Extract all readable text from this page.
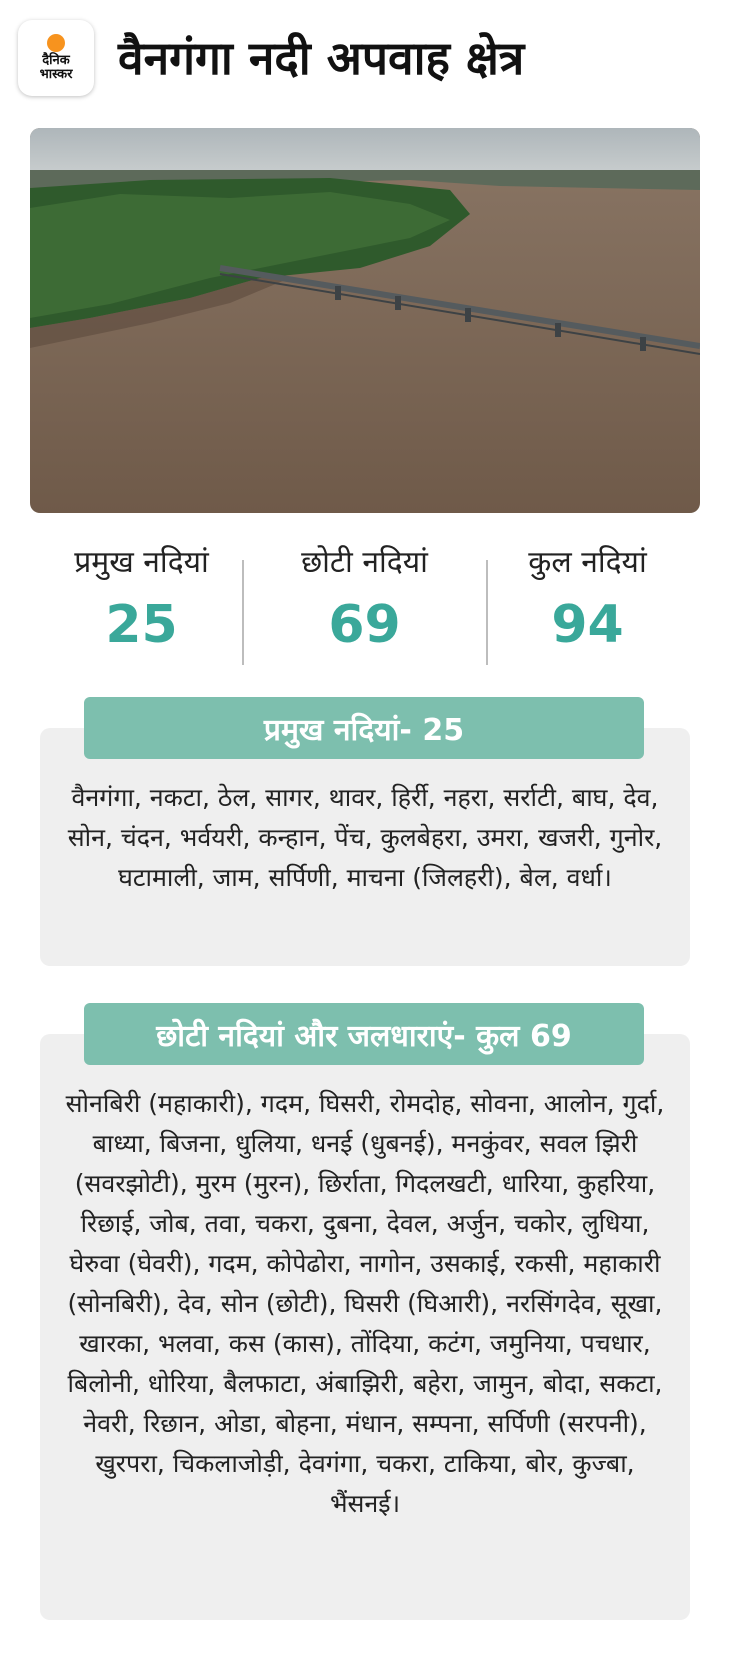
दैनिक
भास्कर वैनगंगा नदी अपवाह क्षेत्र
प्रमुख नदियां
25
छोटी नदियां
69
कुल नदियां
94
वैनगंगा, नकटा, ठेल, सागर, थावर, हिर्री, नहरा, सर्राटी, बाघ, देव, सोन, चंदन, भर्वयरी, कन्हान, पेंच, कुलबेहरा, उमरा, खजरी, गुनोर, घटामाली, जाम, सर्पिणी, माचना (जिलहरी), बेल, वर्धा।
प्रमुख नदियां- 25
सोनबिरी (महाकारी), गदम, घिसरी, रोमदोह, सोवना, आलोन, गुर्दा, बाध्या, बिजना, धुलिया, धनई (धुबनई), मनकुंवर, सवल झिरी (सवरझोटी), मुरम (मुरन), छिर्राता, गिदलखटी, धारिया, कुहरिया, रिछाई, जोब, तवा, चकरा, दुबना, देवल, अर्जुन, चकोर, लुधिया, घेरुवा (घेवरी), गदम, कोपेढोरा, नागोन, उसकाई, रकसी, महाकारी (सोनबिरी), देव, सोन (छोटी), घिसरी (घिआरी), नरसिंगदेव, सूखा, खारका, भलवा, कस (कास), तोंदिया, कटंग, जमुनिया, पचधार, बिलोनी, धोरिया, बैलफाटा, अंबाझिरी, बहेरा, जामुन, बोदा, सकटा, नेवरी, रिछान, ओडा, बोहना, मंधान, सम्पना, सर्पिणी (सरपनी), खुरपरा, चिकलाजोड़ी, देवगंगा, चकरा, टाकिया, बोर, कुज्बा, भैंसनई।
छोटी नदियां और जलधाराएं- कुल 69
